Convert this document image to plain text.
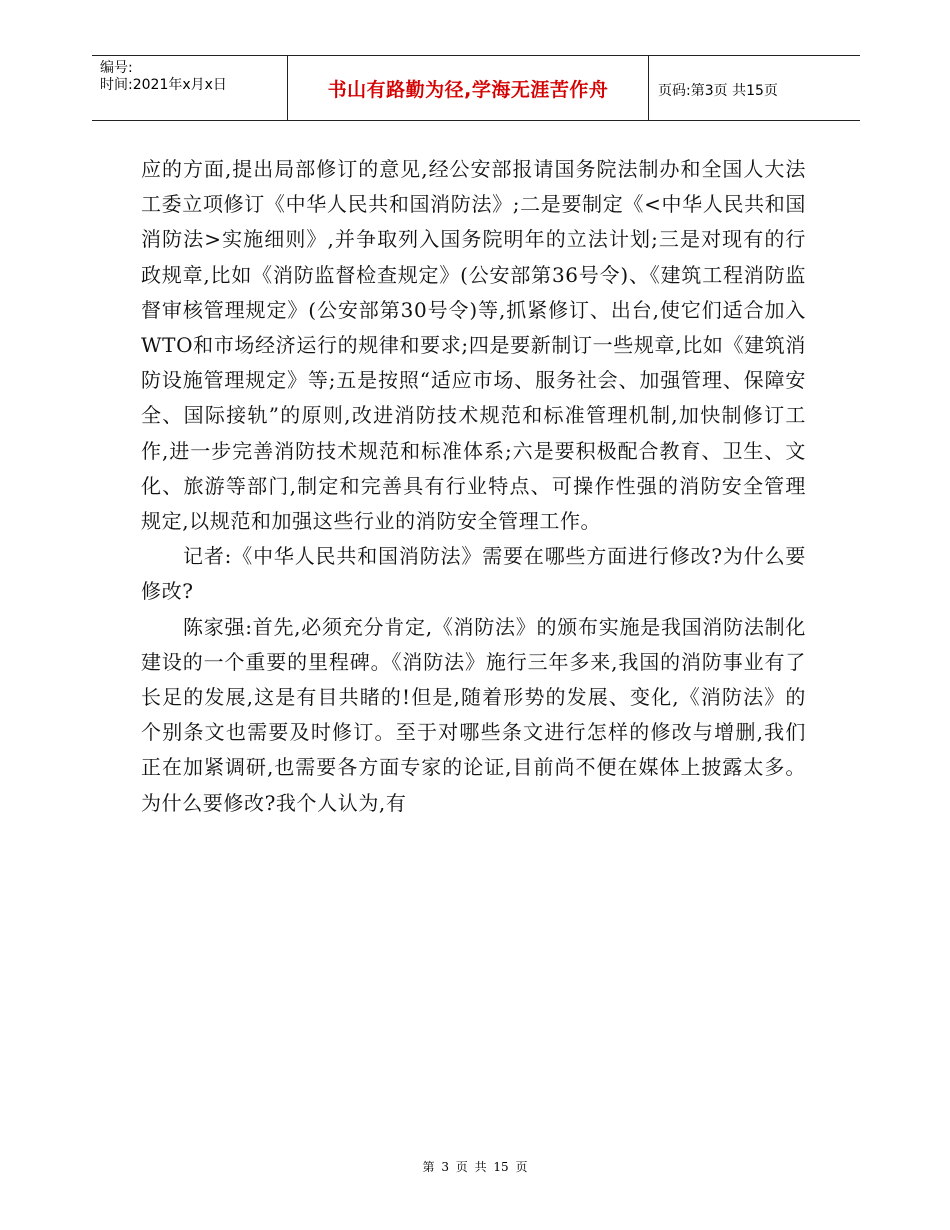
编号:
时间:2021年x月x日	书山有路勤为径,学海无涯苦作舟	页码:第3页 共15页

应的方面,提出局部修订的意见,经公安部报请国务院法制办和全国人大法工委立项修订《中华人民共和国消防法》;二是要制定《<中华人民共和国消防法>实施细则》,并争取列入国务院明年的立法计划;三是对现有的行政规章,比如《消防监督检查规定》(公安部第36号令)、《建筑工程消防监督审核管理规定》(公安部第30号令)等,抓紧修订、出台,使它们适合加入WTO和市场经济运行的规律和要求;四是要新制订一些规章,比如《建筑消防设施管理规定》等;五是按照“适应市场、服务社会、加强管理、保障安全、国际接轨”的原则,改进消防技术规范和标准管理机制,加快制修订工作,进一步完善消防技术规范和标准体系;六是要积极配合教育、卫生、文化、旅游等部门,制定和完善具有行业特点、可操作性强的消防安全管理规定,以规范和加强这些行业的消防安全管理工作。

记者:《中华人民共和国消防法》需要在哪些方面进行修改?为什么要修改?

陈家强:首先,必须充分肯定,《消防法》的颁布实施是我国消防法制化建设的一个重要的里程碑。《消防法》施行三年多来,我国的消防事业有了长足的发展,这是有目共睹的!但是,随着形势的发展、变化,《消防法》的个别条文也需要及时修订。至于对哪些条文进行怎样的修改与增删,我们正在加紧调研,也需要各方面专家的论证,目前尚不便在媒体上披露太多。为什么要修改?我个人认为,有

第 3 页 共 15 页
